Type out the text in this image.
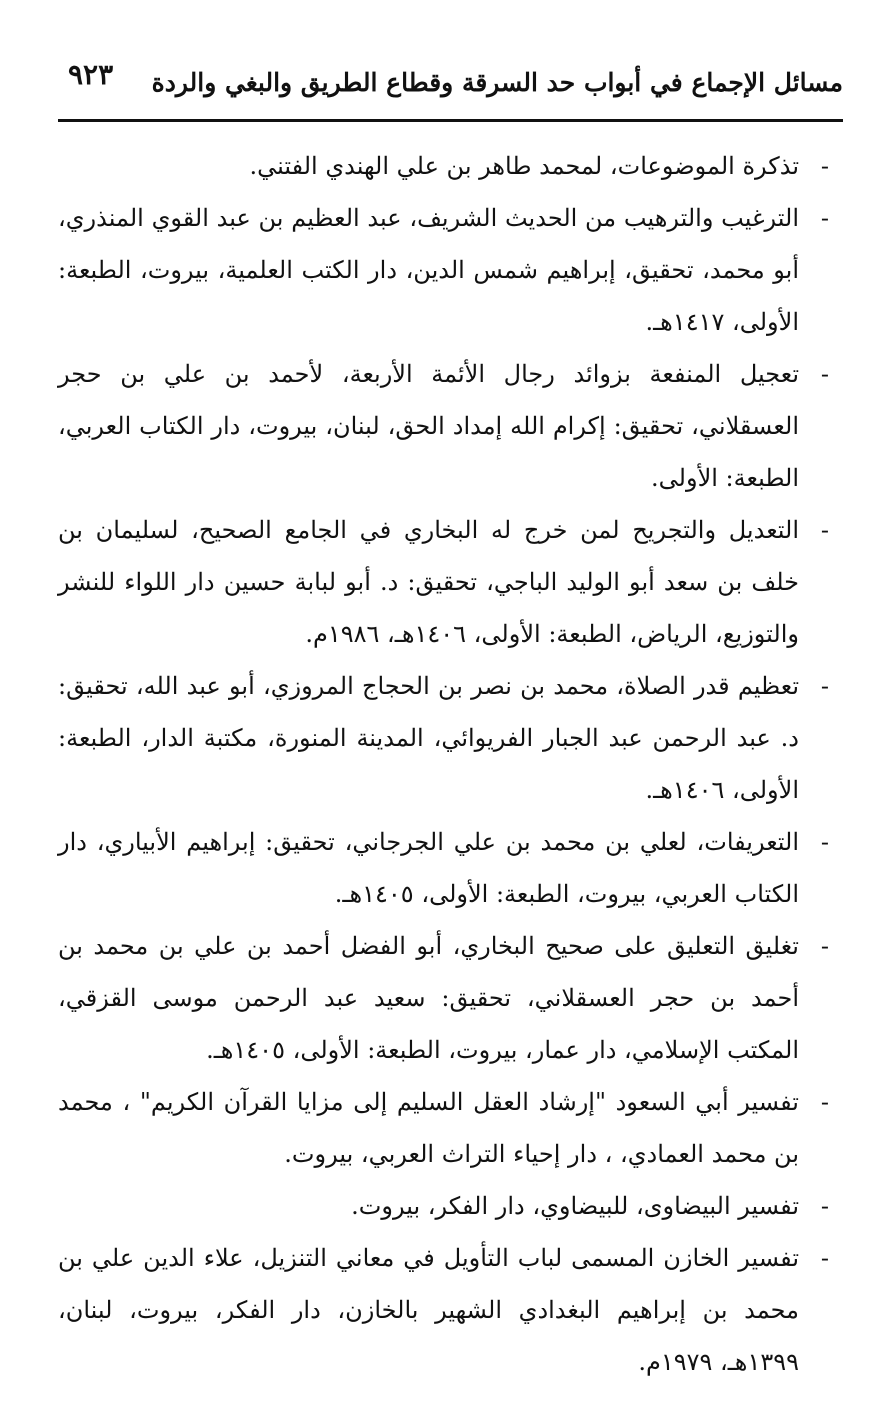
مسائل الإجماع في أبواب حد السرقة وقطاع الطريق والبغي والردة
٩٢٣

-
تذكرة الموضوعات، لمحمد طاهر بن علي الهندي الفتني.

-
الترغيب والترهيب من الحديث الشريف، عبد العظيم بن عبد القوي المنذري، أبو محمد، تحقيق، إبراهيم شمس الدين، دار الكتب العلمية، بيروت، الطبعة: الأولى، ١٤١٧هـ.

-
تعجيل المنفعة بزوائد رجال الأئمة الأربعة، لأحمد بن علي بن حجر العسقلاني، تحقيق: إكرام الله إمداد الحق، لبنان، بيروت، دار الكتاب العربي، الطبعة: الأولى.

-
التعديل والتجريح لمن خرج له البخاري في الجامع الصحيح، لسليمان بن خلف بن سعد أبو الوليد الباجي، تحقيق: د. أبو لبابة حسين دار اللواء للنشر والتوزيع، الرياض، الطبعة: الأولى، ١٤٠٦هـ، ١٩٨٦م.

-
تعظيم قدر الصلاة، محمد بن نصر بن الحجاج المروزي، أبو عبد الله، تحقيق: د. عبد الرحمن عبد الجبار الفريوائي، المدينة المنورة، مكتبة الدار، الطبعة: الأولى، ١٤٠٦هـ.

-
التعريفات، لعلي بن محمد بن علي الجرجاني، تحقيق: إبراهيم الأبياري، دار الكتاب العربي، بيروت، الطبعة: الأولى، ١٤٠٥هـ.

-
تغليق التعليق على صحيح البخاري، أبو الفضل أحمد بن علي بن محمد بن أحمد بن حجر العسقلاني، تحقيق: سعيد عبد الرحمن موسى القزقي، المكتب الإسلامي، دار عمار، بيروت، الطبعة: الأولى، ١٤٠٥هـ.

-
تفسير أبي السعود "إرشاد العقل السليم إلى مزايا القرآن الكريم" ، محمد بن محمد العمادي، ، دار إحياء التراث العربي، بيروت.

-
تفسير البيضاوى، للبيضاوي، دار الفكر، بيروت.

-
تفسير الخازن المسمى لباب التأويل في معاني التنزيل، علاء الدين علي بن محمد بن إبراهيم البغدادي الشهير بالخازن، دار الفكر، بيروت، لبنان، ١٣٩٩هـ، ١٩٧٩م.
